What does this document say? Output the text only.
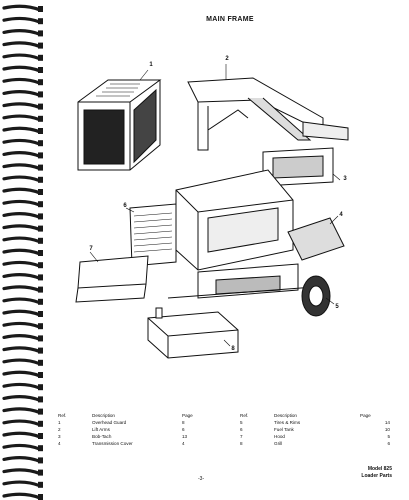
MAIN FRAME
1
2
3
4
5
6
7
8
Ref.	Description	Page		Ref.	Description	Page
1	Overhead Guard	8		5	Tires & Rims	14
2	Lift Arms	6		6	Fuel Tank	10
3	Bob-Tach	13		7	Hood	5
4	Transmission Cover	4		8	Grill	6
-3-
Model 825
Loader Parts
